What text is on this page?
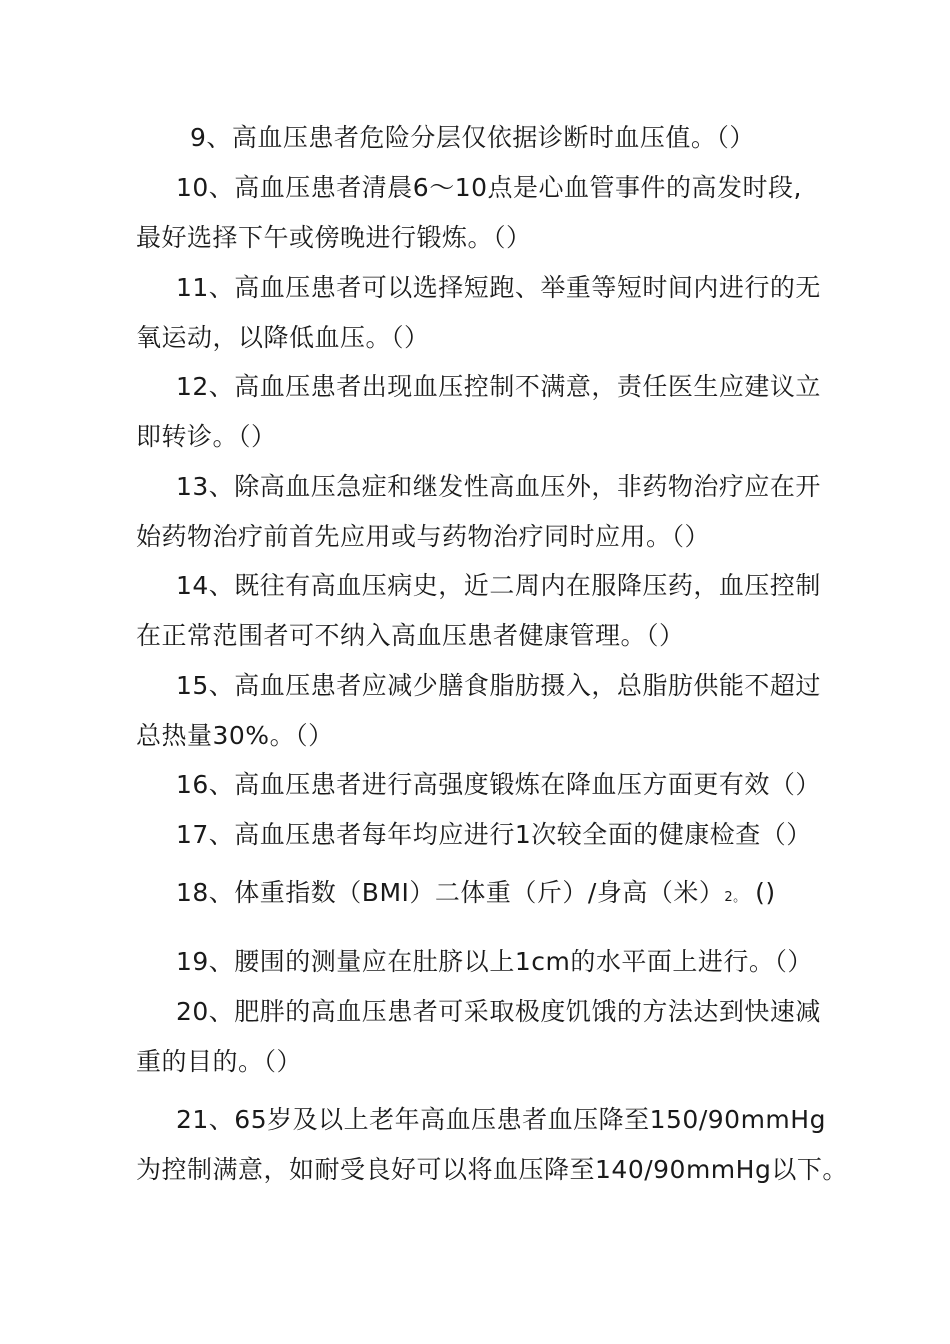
9、高血压患者危险分层仅依据诊断时血压值。（）
10、高血压患者清晨6〜10点是心血管事件的高发时段,
最好选择下午或傍晚进行锻炼。（）
11、高血压患者可以选择短跑、举重等短时间内进行的无
氧运动，以降低血压。（）
12、高血压患者出现血压控制不满意，责任医生应建议立
即转诊。（）
13、除高血压急症和继发性高血压外，非药物治疗应在开
始药物治疗前首先应用或与药物治疗同时应用。（）
14、既往有高血压病史，近二周内在服降压药，血压控制
在正常范围者可不纳入高血压患者健康管理。（）
15、高血压患者应减少膳食脂肪摄入，总脂肪供能不超过
总热量30%。（）
16、高血压患者进行高强度锻炼在降血压方面更有效（）
17、高血压患者每年均应进行1次较全面的健康检查（）
18、体重指数（BMI）二体重（斤）/身高（米）2。 ()
19、腰围的测量应在肚脐以上1cm的水平面上进行。（）
20、肥胖的高血压患者可采取极度饥饿的方法达到快速减
重的目的。（）
21、65岁及以上老年高血压患者血压降至150/90mmHg
为控制满意，如耐受良好可以将血压降至140/90mmHg以下。
